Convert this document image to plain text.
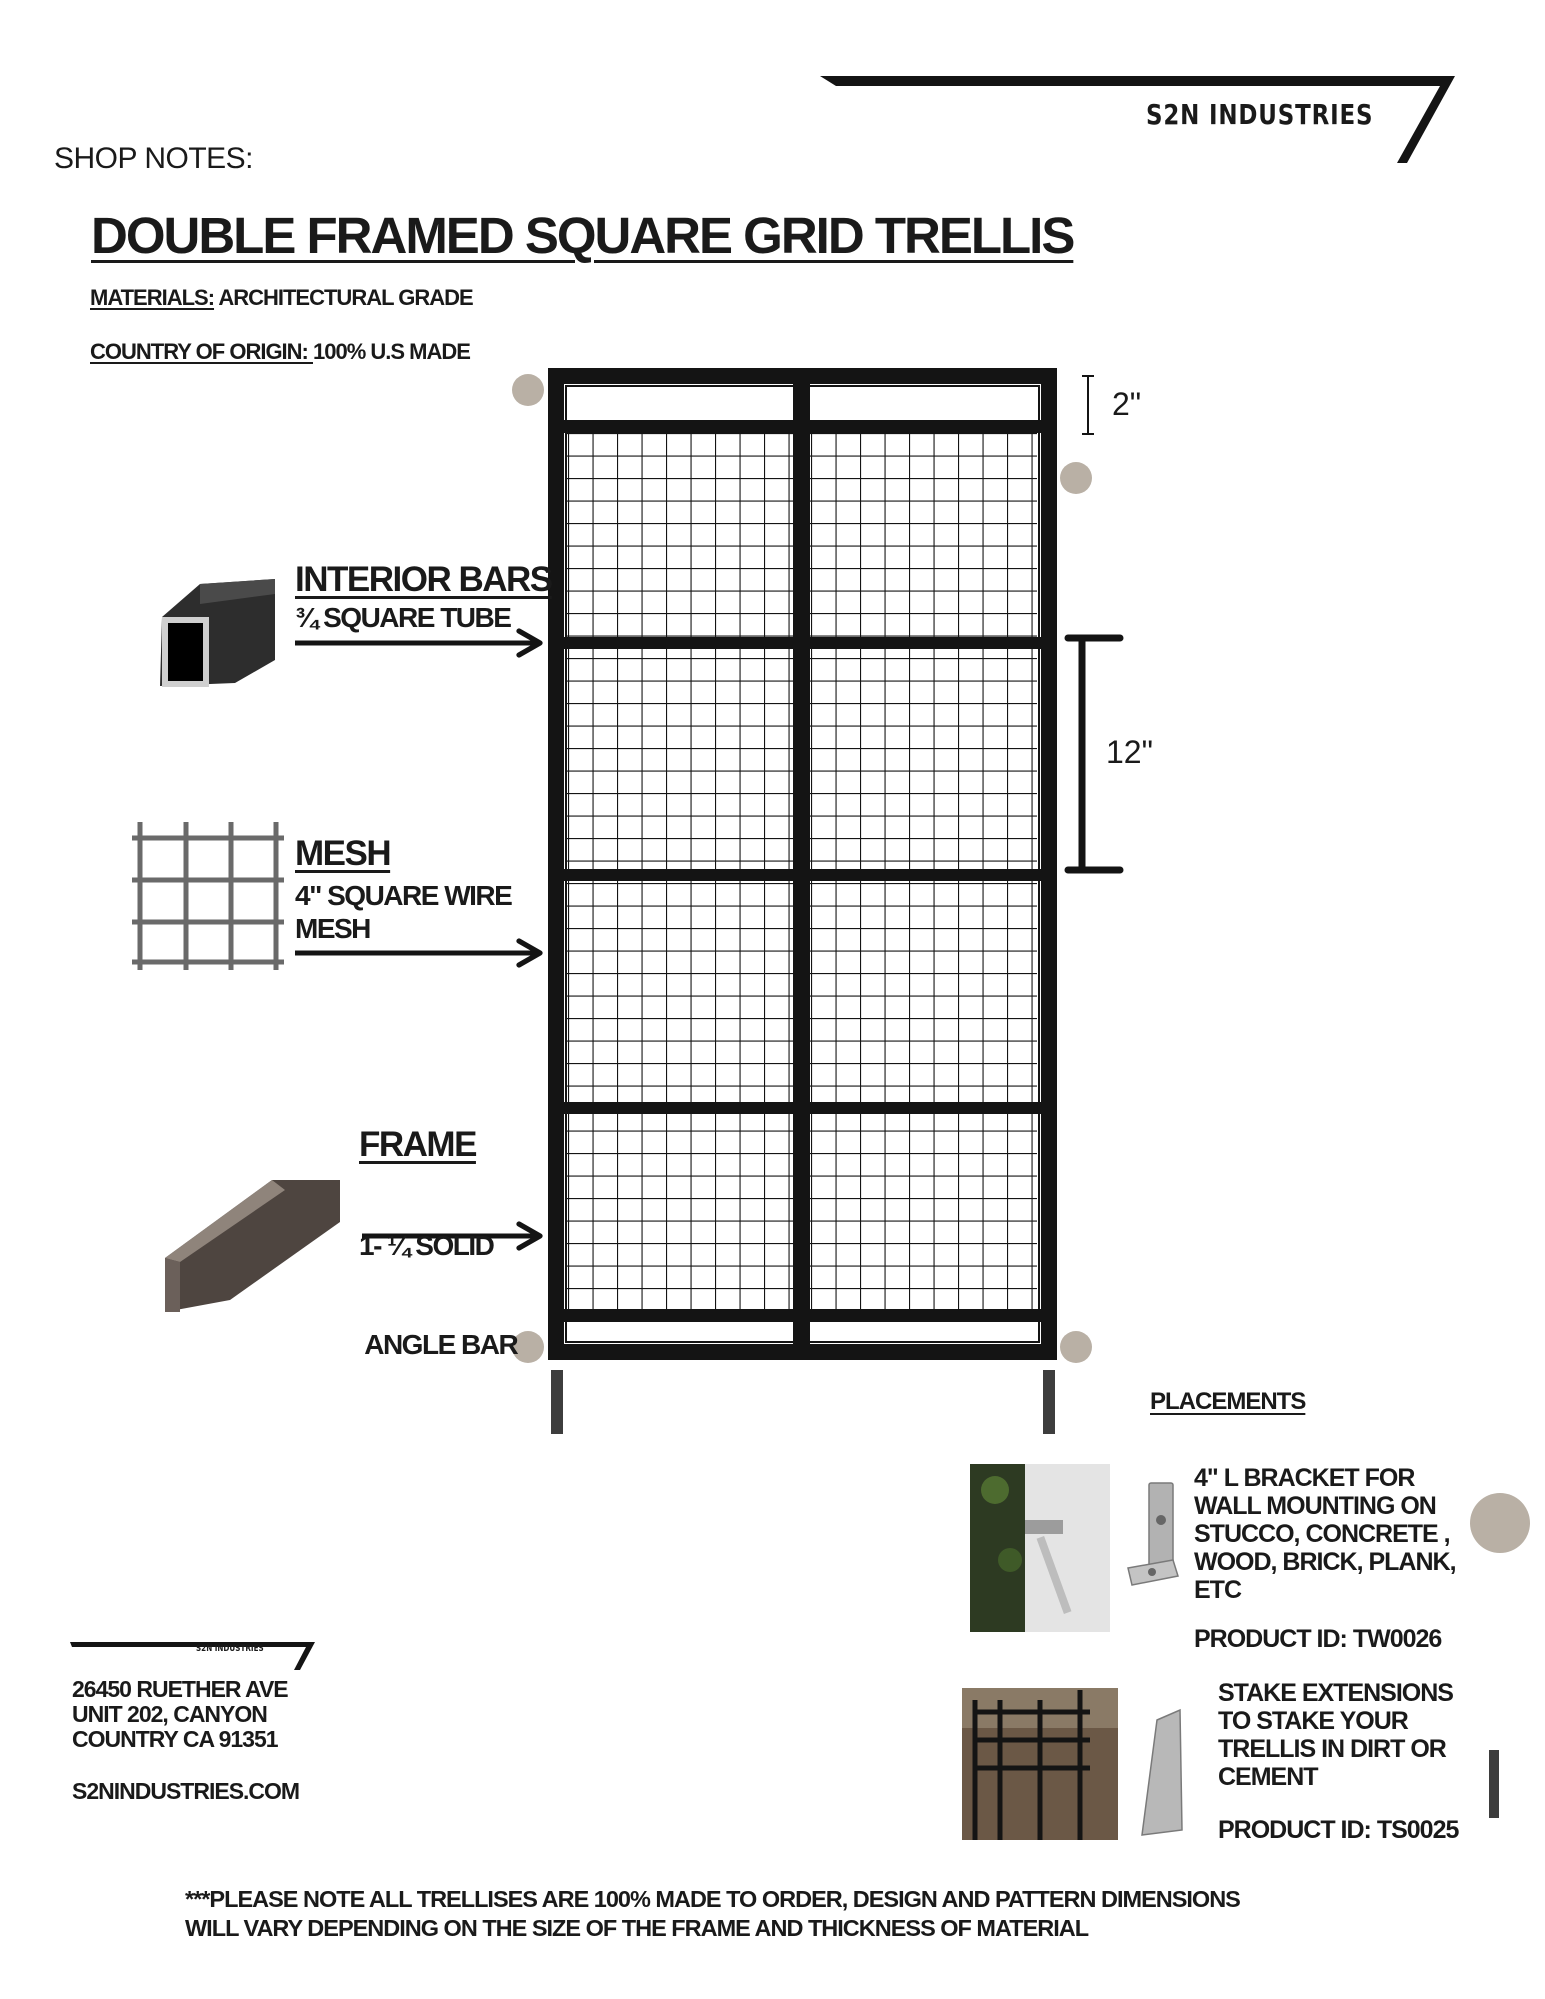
S2N INDUSTRIES
SHOP NOTES:
DOUBLE FRAMED SQUARE GRID TRELLIS
MATERIALS: ARCHITECTURAL GRADE
COUNTRY OF ORIGIN: 100% U.S MADE
2"
12"
INTERIOR BARS
¾ SQUARE TUBE
MESH
4" SQUARE WIRE
MESH
FRAME

1- ¼ SOLID

ANGLE BAR

PLACEMENTS
4" L BRACKET FOR WALL MOUNTING ON STUCCO, CONCRETE , WOOD, BRICK, PLANK, ETC
PRODUCT ID: TW0026
STAKE EXTENSIONS TO STAKE YOUR TRELLIS IN DIRT OR CEMENT
PRODUCT ID: TS0025
S2N INDUSTRIES
26450 RUETHER AVE
UNIT 202, CANYON
COUNTRY CA 91351
S2NINDUSTRIES.COM
***PLEASE NOTE ALL TRELLISES ARE 100% MADE TO ORDER, DESIGN AND PATTERN DIMENSIONS
WILL VARY DEPENDING ON THE SIZE OF THE FRAME AND THICKNESS OF MATERIAL
